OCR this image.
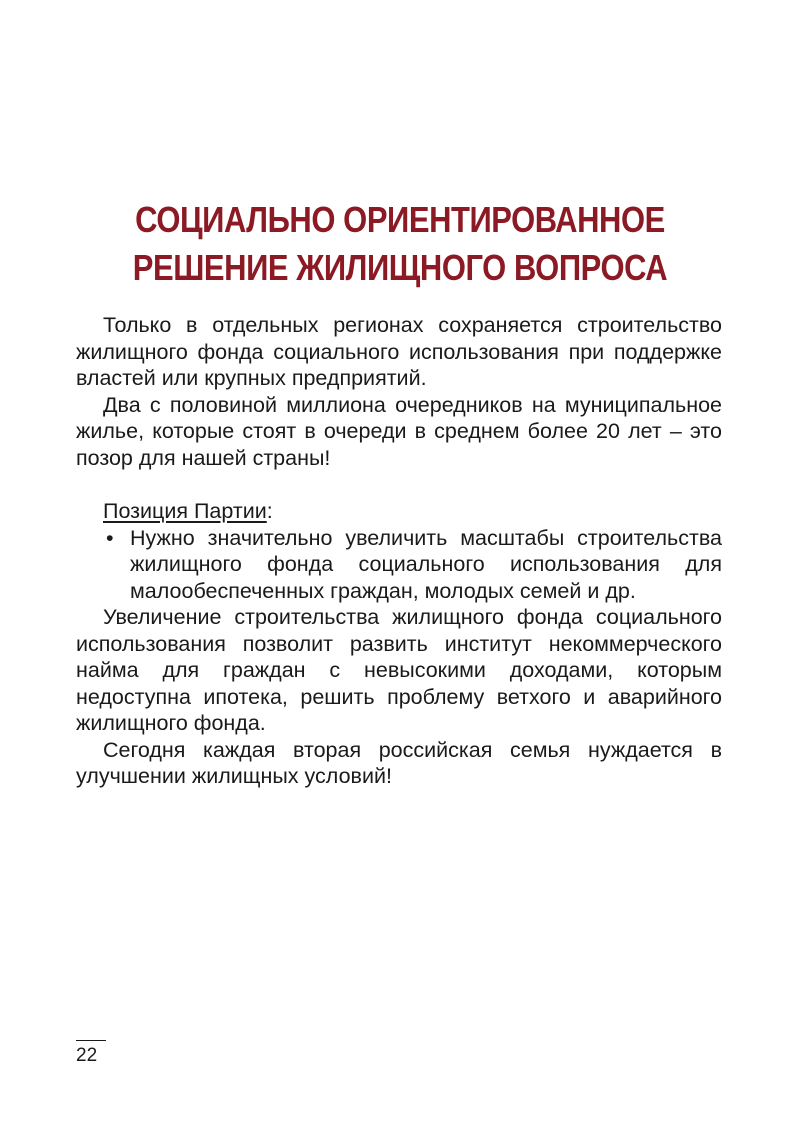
СОЦИАЛЬНО ОРИЕНТИРОВАННОЕ
РЕШЕНИЕ ЖИЛИЩНОГО ВОПРОСА

Только в отдельных регионах сохраняется строительство жилищного фонда социального использования при поддержке властей или крупных предприятий.

Два с половиной миллиона очередников на муниципальное жилье, которые стоят в очереди в среднем более 20 лет – это позор для нашей страны!

Позиция Партии:

• Нужно значительно увеличить масштабы строительства жилищного фонда социального использования для малообеспеченных граждан, молодых семей и др.

Увеличение строительства жилищного фонда социального использования позволит развить институт некоммерческого найма для граждан с невысокими доходами, которым недоступна ипотека, решить проблему ветхого и аварийного жилищного фонда.

Сегодня каждая вторая российская семья нуждается в улучшении жилищных условий!

22
